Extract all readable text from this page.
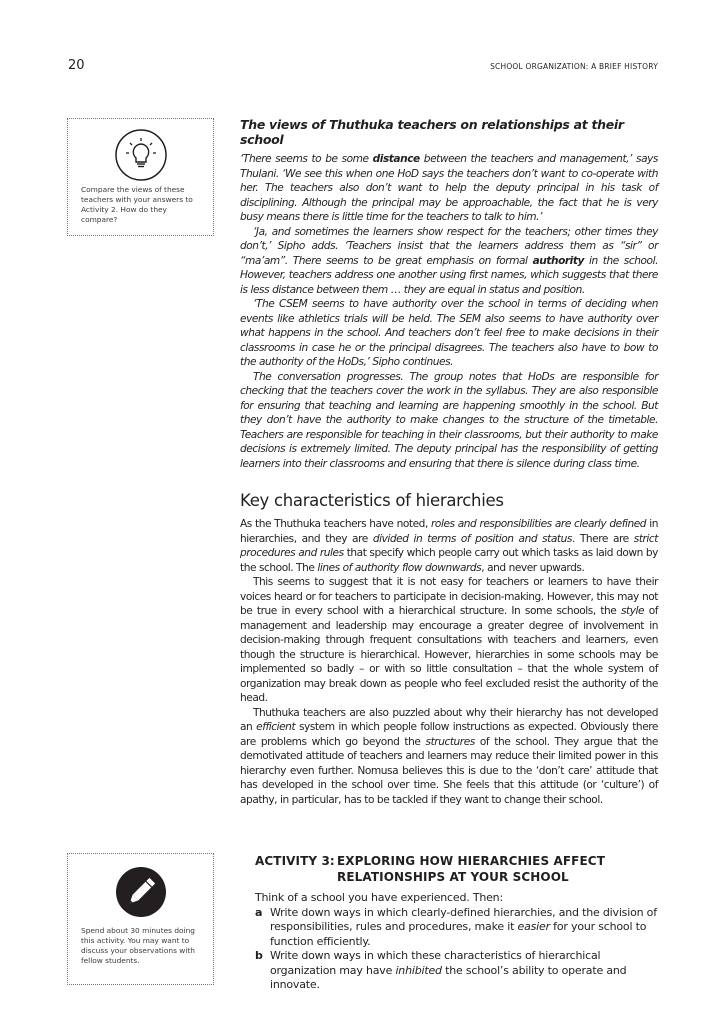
20	SCHOOL ORGANIZATION: A BRIEF HISTORY
Compare the views of these
teachers with your answers to
Activity 2. How do they
compare?
The views of Thuthuka teachers on relationships at their school

‘There seems to be some distance between the teachers and management,’ says Thulani. ‘We see this when one HoD says the teachers don’t want to co-operate with her. The teachers also don’t want to help the deputy principal in his task of disciplining. Although the principal may be approachable, the fact that he is very busy means there is little time for the teachers to talk to him.’

‘Ja, and sometimes the learners show respect for the teachers; other times they don’t,’ Sipho adds. ‘Teachers insist that the learners address them as “sir” or “ma’am”. There seems to be great emphasis on formal authority in the school. However, teachers address one another using first names, which suggests that there is less distance between them … they are equal in status and position.

‘The CSEM seems to have authority over the school in terms of deciding when events like athletics trials will be held. The SEM also seems to have authority over what happens in the school. And teachers don’t feel free to make decisions in their classrooms in case he or the principal disagrees. The teachers also have to bow to the authority of the HoDs,’ Sipho continues.

The conversation progresses. The group notes that HoDs are responsible for checking that the teachers cover the work in the syllabus. They are also responsible for ensuring that teaching and learning are happening smoothly in the school. But they don’t have the authority to make changes to the structure of the timetable. Teachers are responsible for teaching in their classrooms, but their authority to make decisions is extremely limited. The deputy principal has the responsibility of getting learners into their classrooms and ensuring that there is silence during class time.

Key characteristics of hierarchies

As the Thuthuka teachers have noted, roles and responsibilities are clearly defined in hierarchies, and they are divided in terms of position and status. There are strict procedures and rules that specify which people carry out which tasks as laid down by the school. The lines of authority flow downwards, and never upwards.

This seems to suggest that it is not easy for teachers or learners to have their voices heard or for teachers to participate in decision-making. However, this may not be true in every school with a hierarchical structure. In some schools, the style of management and leadership may encourage a greater degree of involvement in decision-making through frequent consultations with teachers and learners, even though the structure is hierarchical. However, hierarchies in some schools may be implemented so badly – or with so little consultation – that the whole system of organization may break down as people who feel excluded resist the authority of the head.

Thuthuka teachers are also puzzled about why their hierarchy has not developed an efficient system in which people follow instructions as expected. Obviously there are problems which go beyond the structures of the school. They argue that the demotivated attitude of teachers and learners may reduce their limited power in this hierarchy even further. Nomusa believes this is due to the ‘don’t care’ attitude that has developed in the school over time. She feels that this attitude (or ‘culture’) of apathy, in particular, has to be tackled if they want to change their school.

Spend about 30 minutes doing
this activity. You may want to
discuss your observations with
fellow students.
ACTIVITY 3: EXPLORING HOW HIERARCHIES AFFECT
RELATIONSHIPS AT YOUR SCHOOL
Think of a school you have experienced. Then:
a Write down ways in which clearly-defined hierarchies, and the division of responsibilities, rules and procedures, make it easier for your school to function efficiently.
b Write down ways in which these characteristics of hierarchical organization may have inhibited the school’s ability to operate and innovate.
